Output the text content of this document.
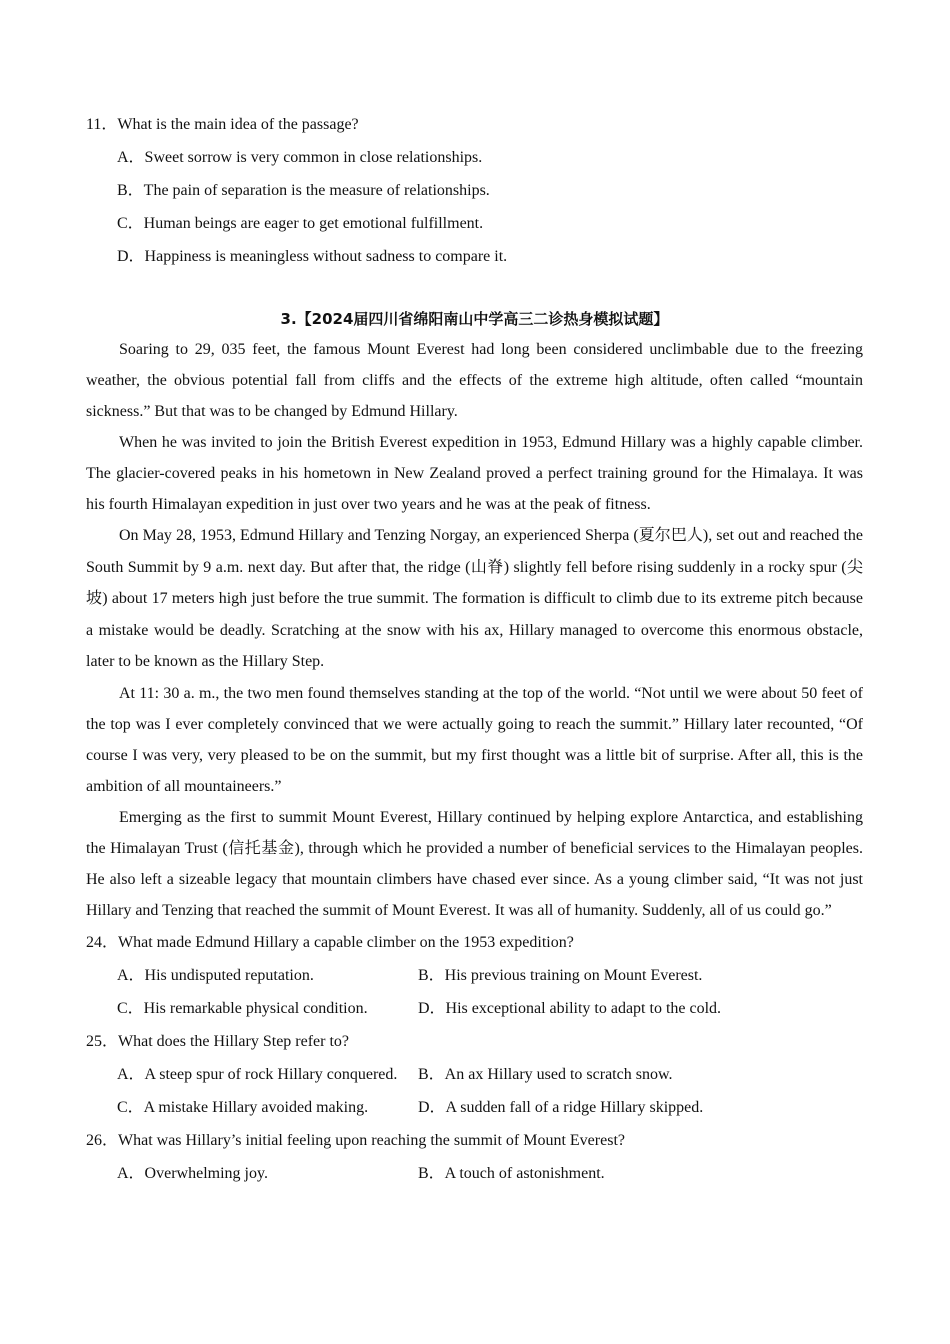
11．What is the main idea of the passage?
A．Sweet sorrow is very common in close relationships.
B．The pain of separation is the measure of relationships.
C．Human beings are eager to get emotional fulfillment.
D．Happiness is meaningless without sadness to compare it.
3.【2024届四川省绵阳南山中学高三二诊热身模拟试题】

Soaring to 29, 035 feet, the famous Mount Everest had long been considered unclimbable due to the freezing weather, the obvious potential fall from cliffs and the effects of the extreme high altitude, often called “mountain sickness.” But that was to be changed by Edmund Hillary.

When he was invited to join the British Everest expedition in 1953, Edmund Hillary was a highly capable climber. The glacier-covered peaks in his hometown in New Zealand proved a perfect training ground for the Himalaya. It was his fourth Himalayan expedition in just over two years and he was at the peak of fitness.

On May 28, 1953, Edmund Hillary and Tenzing Norgay, an experienced Sherpa (夏尔巴人), set out and reached the South Summit by 9 a.m. next day. But after that, the ridge (山脊) slightly fell before rising suddenly in a rocky spur (尖坡) about 17 meters high just before the true summit. The formation is difficult to climb due to its extreme pitch because a mistake would be deadly. Scratching at the snow with his ax, Hillary managed to overcome this enormous obstacle, later to be known as the Hillary Step.

At 11: 30 a. m., the two men found themselves standing at the top of the world. “Not until we were about 50 feet of the top was I ever completely convinced that we were actually going to reach the summit.” Hillary later recounted, “Of course I was very, very pleased to be on the summit, but my first thought was a little bit of surprise. After all, this is the ambition of all mountaineers.”

Emerging as the first to summit Mount Everest, Hillary continued by helping explore Antarctica, and establishing the Himalayan Trust (信托基金), through which he provided a number of beneficial services to the Himalayan peoples. He also left a sizeable legacy that mountain climbers have chased ever since. As a young climber said, “It was not just Hillary and Tenzing that reached the summit of Mount Everest. It was all of humanity. Suddenly, all of us could go.”

24．What made Edmund Hillary a capable climber on the 1953 expedition?
A．His undisputed reputation.	B．His previous training on Mount Everest.
C．His remarkable physical condition.	D．His exceptional ability to adapt to the cold.
25．What does the Hillary Step refer to?
A．A steep spur of rock Hillary conquered.	B．An ax Hillary used to scratch snow.
C．A mistake Hillary avoided making.	D．A sudden fall of a ridge Hillary skipped.
26．What was Hillary’s initial feeling upon reaching the summit of Mount Everest?
A．Overwhelming joy.	B．A touch of astonishment.
